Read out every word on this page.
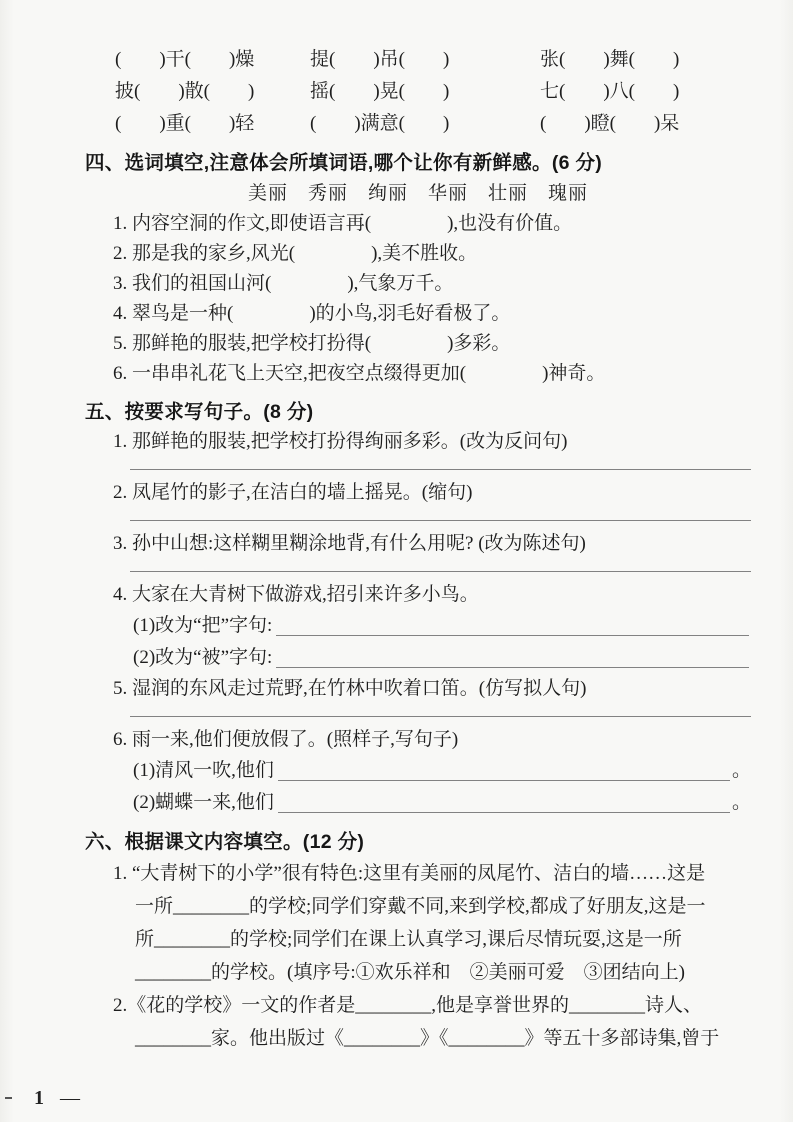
(　　)干(　　)燥	提(　　)吊(　　)	张(　　)舞(　　)
披(　　)散(　　)	摇(　　)晃(　　)	七(　　)八(　　)
(　　)重(　　)轻	(　　)满意(　　)	(　　)瞪(　　)呆
四、选词填空,注意体会所填词语,哪个让你有新鲜感。(6 分)
美丽　秀丽　绚丽　华丽　壮丽　瑰丽
1. 内容空洞的作文,即使语言再(　　　　),也没有价值。
2. 那是我的家乡,风光(　　　　),美不胜收。
3. 我们的祖国山河(　　　　),气象万千。
4. 翠鸟是一种(　　　　)的小鸟,羽毛好看极了。
5. 那鲜艳的服装,把学校打扮得(　　　　)多彩。
6. 一串串礼花飞上天空,把夜空点缀得更加(　　　　)神奇。
五、按要求写句子。(8 分)
1. 那鲜艳的服装,把学校打扮得绚丽多彩。(改为反问句)
2. 凤尾竹的影子,在洁白的墙上摇晃。(缩句)
3. 孙中山想:这样糊里糊涂地背,有什么用呢? (改为陈述句)
4. 大家在大青树下做游戏,招引来许多小鸟。
(1)改为“把”字句:
(2)改为“被”字句:
5. 湿润的东风走过荒野,在竹林中吹着口笛。(仿写拟人句)
6. 雨一来,他们便放假了。(照样子,写句子)
(1)清风一吹,他们	。
(2)蝴蝶一来,他们	。
六、根据课文内容填空。(12 分)
1. “大青树下的小学”很有特色:这里有美丽的凤尾竹、洁白的墙……这是
一所________的学校;同学们穿戴不同,来到学校,都成了好朋友,这是一
所________的学校;同学们在课上认真学习,课后尽情玩耍,这是一所
________的学校。(填序号:①欢乐祥和　②美丽可爱　③团结向上)
2.《花的学校》一文的作者是________,他是享誉世界的________诗人、
________家。他出版过《________》《________》等五十多部诗集,曾于
1 —
